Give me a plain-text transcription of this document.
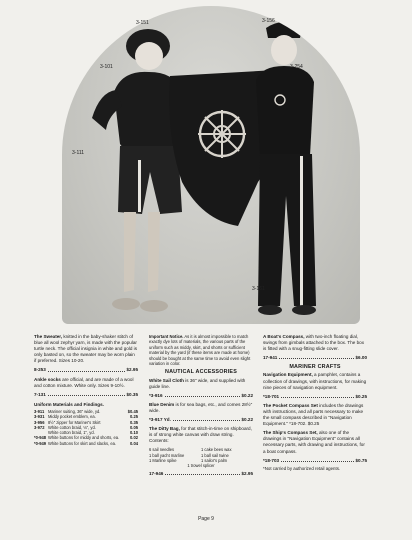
3-151	3-156
3-101	3-254
3-111
3-161

The Sweater, knitted in the baby-shaker stitch of blue all wool zephyr yarn, is made with the popular turtle neck. The official insignia in white and gold is only basted on, so the sweater may be worn plain if preferred. Sizes 10-20.

8-253	$2.95

Ankle socks are official, and are made of a wool and cotton mixture. White only. Sizes 9-10½.

7-131	$0.35
Uniform Materials and Findings.
3-911 Mariner suiting, 36" wide, yd.	$0.45
3-931 Middy pocket emblem, ea.	0.25
3-956 8½" zipper for Mariner's Skirt	0.35
3-972 White cotton braid, ⅛", yd.	0.05
White cotton braid, 1", yd.	0.10
*0-948 White buttons for middy and shorts, ea.	0.02
*0-949 White buttons for skirt and slacks, ea.	0.04

Important Notice. As it is almost impossible to match exactly dye lots of materials, the various parts of the uniform such as middy, skirt, and shorts or sufficient material by the yard (if these items are made at home) should be bought at the same time to avoid even slight variation in color.

NAUTICAL ACCESSORIES

White Sail Cloth is 36" wide, and supplied with guide line.

*3-916	$0.22

Blue Denim is for sea bags, etc., and comes 28½" wide.

*3-917 Yd.	$0.22

The Ditty Bag, for that stitch-in-time on shipboard, is of strong white canvas with draw string. Contents:

6 sail needles
1 ball yacht marline
1 Marline spike
1 cake bees wax
1 ball sail twine
1 sailor's palm
1 trowel splicer
17-946	$2.95

A Boat's Compass, with two-inch floating dial, swings from gimbals attached to the box. The box is fitted with a snug-fitting slide cover.

17-941	$6.00
MARINER CRAFTS

Navigation Equipment, a pamphlet, contains a collection of drawings, with instructions, for making nine pieces of navigation equipment.

*18-701	$0.25

The Pocket Compass Set includes the drawings with instructions, and all parts necessary to make the small compass described in "Navigation Equipment." *18-702. $0.25

The Ship's Compass Set, also one of the drawings in "Navigation Equipment" contains all necessary parts, with drawing and instructions, for a boat compass.

*18-703	$0.75
*Not carried by authorized retail agents.
Page 9
